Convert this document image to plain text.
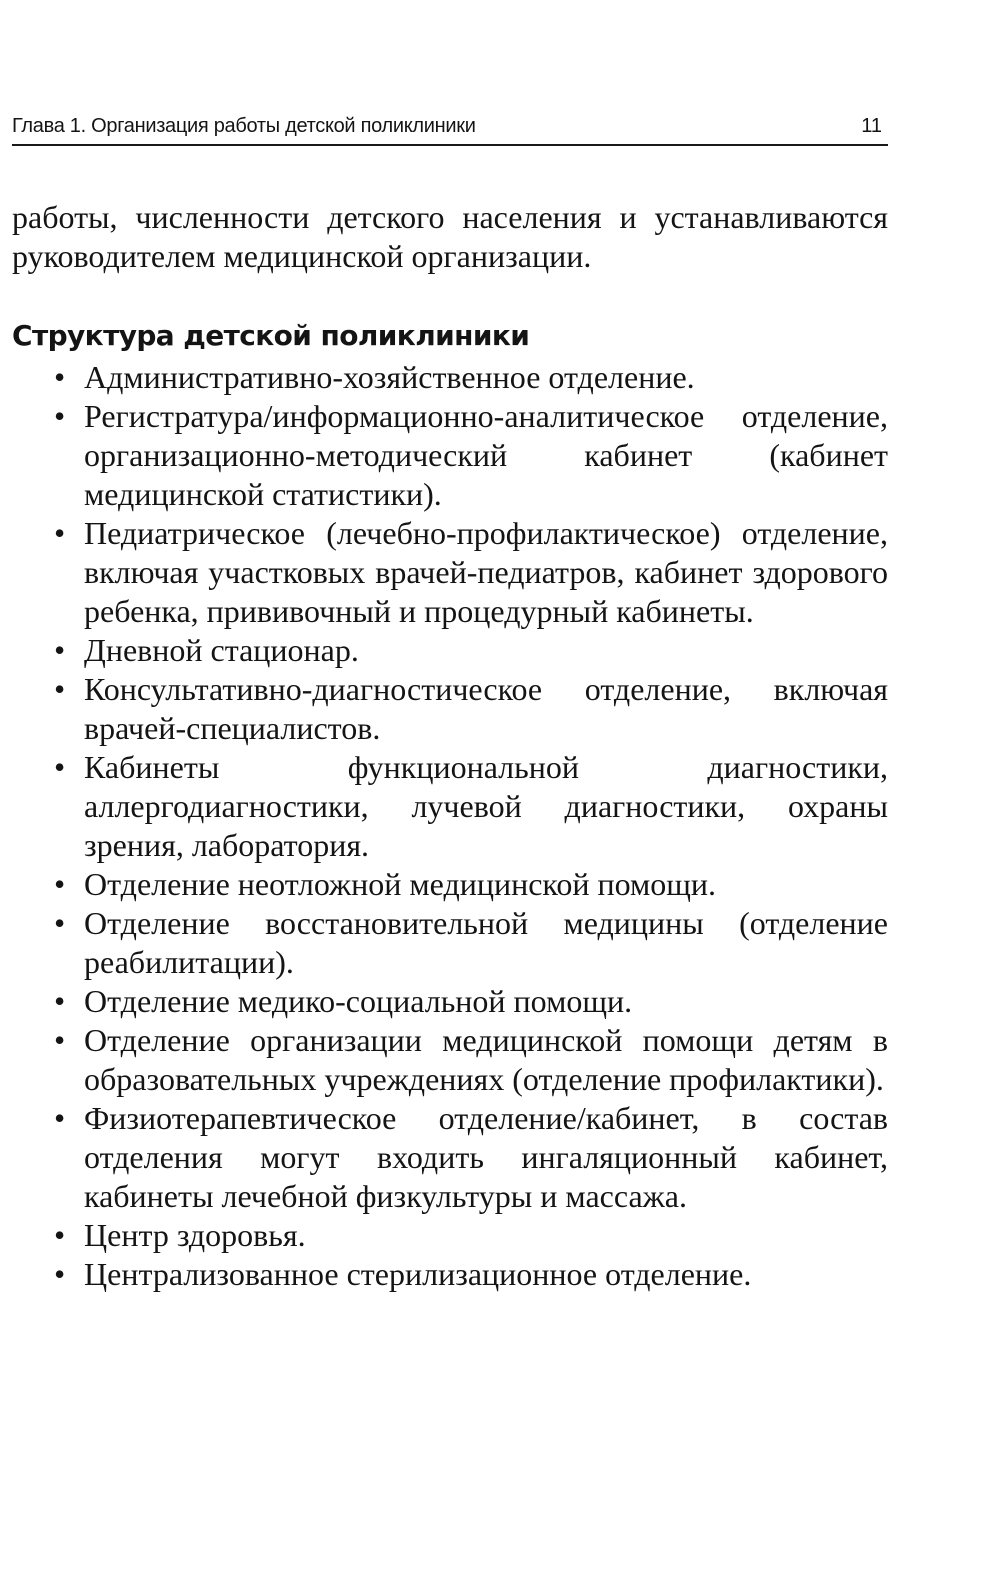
Глава 1. Организация работы детской поликлиники	11

работы, численности детского населения и устанавливаются руководителем медицинской организации.

Структура детской поликлиники
• Административно-хозяйственное отделение.
• Регистратура/информационно-аналитическое отделение, организационно-методический кабинет (кабинет медицинской статистики).
• Педиатрическое (лечебно-профилактическое) отделение, включая участковых врачей-педиатров, кабинет здорового ребенка, прививочный и процедурный кабинеты.
• Дневной стационар.
• Консультативно-диагностическое отделение, включая врачей-специалистов.
• Кабинеты функциональной диагностики, аллергодиагностики, лучевой диагностики, охраны зрения, лаборатория.
• Отделение неотложной медицинской помощи.
• Отделение восстановительной медицины (отделение реабилитации).
• Отделение медико-социальной помощи.
• Отделение организации медицинской помощи детям в образовательных учреждениях (отделение профилактики).
• Физиотерапевтическое отделение/кабинет, в состав отделения могут входить ингаляционный кабинет, кабинеты лечебной физкультуры и массажа.
• Центр здоровья.
• Централизованное стерилизационное отделение.
